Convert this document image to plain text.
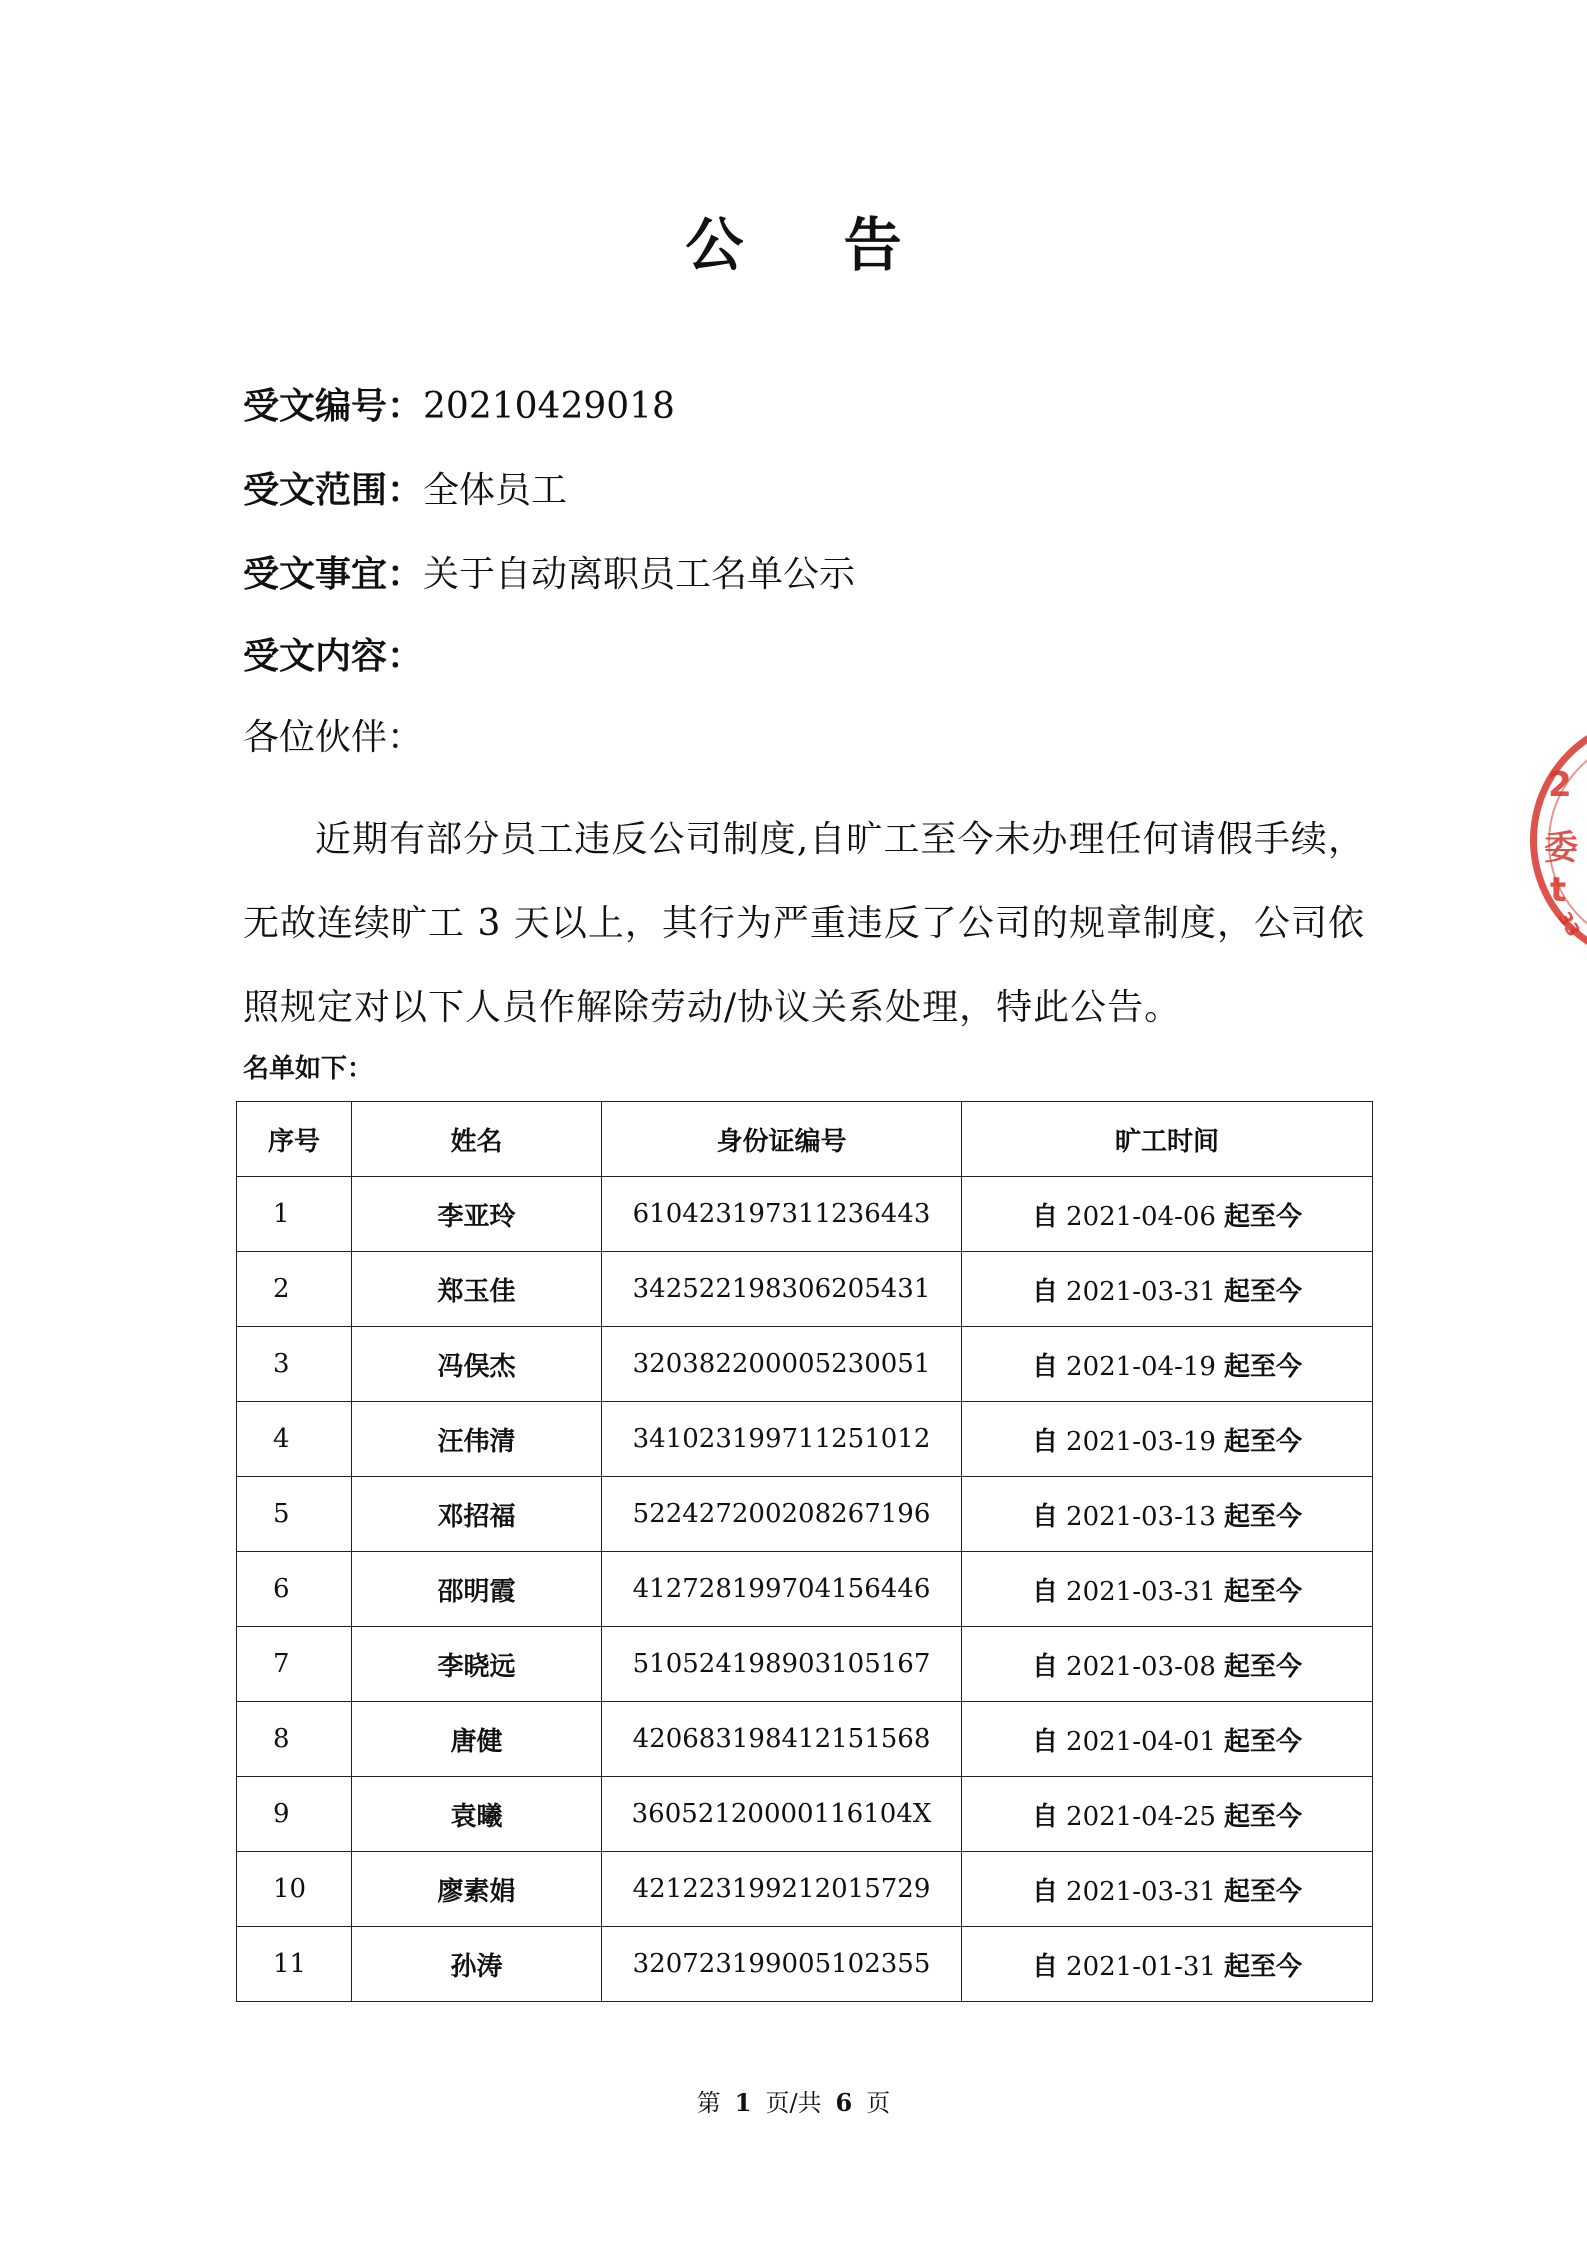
公 告
受文编号：20210429018
受文范围：全体员工
受文事宜：关于自动离职员工名单公示
受文内容：
各位伙伴：
近期有部分员工违反公司制度,自旷工至今未办理任何请假手续，无故连续旷工 3 天以上，其行为严重违反了公司的规章制度，公司依照规定对以下人员作解除劳动/协议关系处理，特此公告。
名单如下：
序号	姓名	身份证编号	旷工时间
1	李亚玲	610423197311236443	自 2021-04-06 起至今
2	郑玉佳	342522198306205431	自 2021-03-31 起至今
3	冯俣杰	320382200005230051	自 2021-04-19 起至今
4	汪伟清	341023199711251012	自 2021-03-19 起至今
5	邓招福	522427200208267196	自 2021-03-13 起至今
6	邵明霞	412728199704156446	自 2021-03-31 起至今
7	李晓远	510524198903105167	自 2021-03-08 起至今
8	唐健	420683198412151568	自 2021-04-01 起至今
9	袁曦	36052120000116104X	自 2021-04-25 起至今
10	廖素娟	421223199212015729	自 2021-03-31 起至今
11	孙涛	320723199005102355	自 2021-01-31 起至今
第 1 页/共 6 页
2
委
t
33
